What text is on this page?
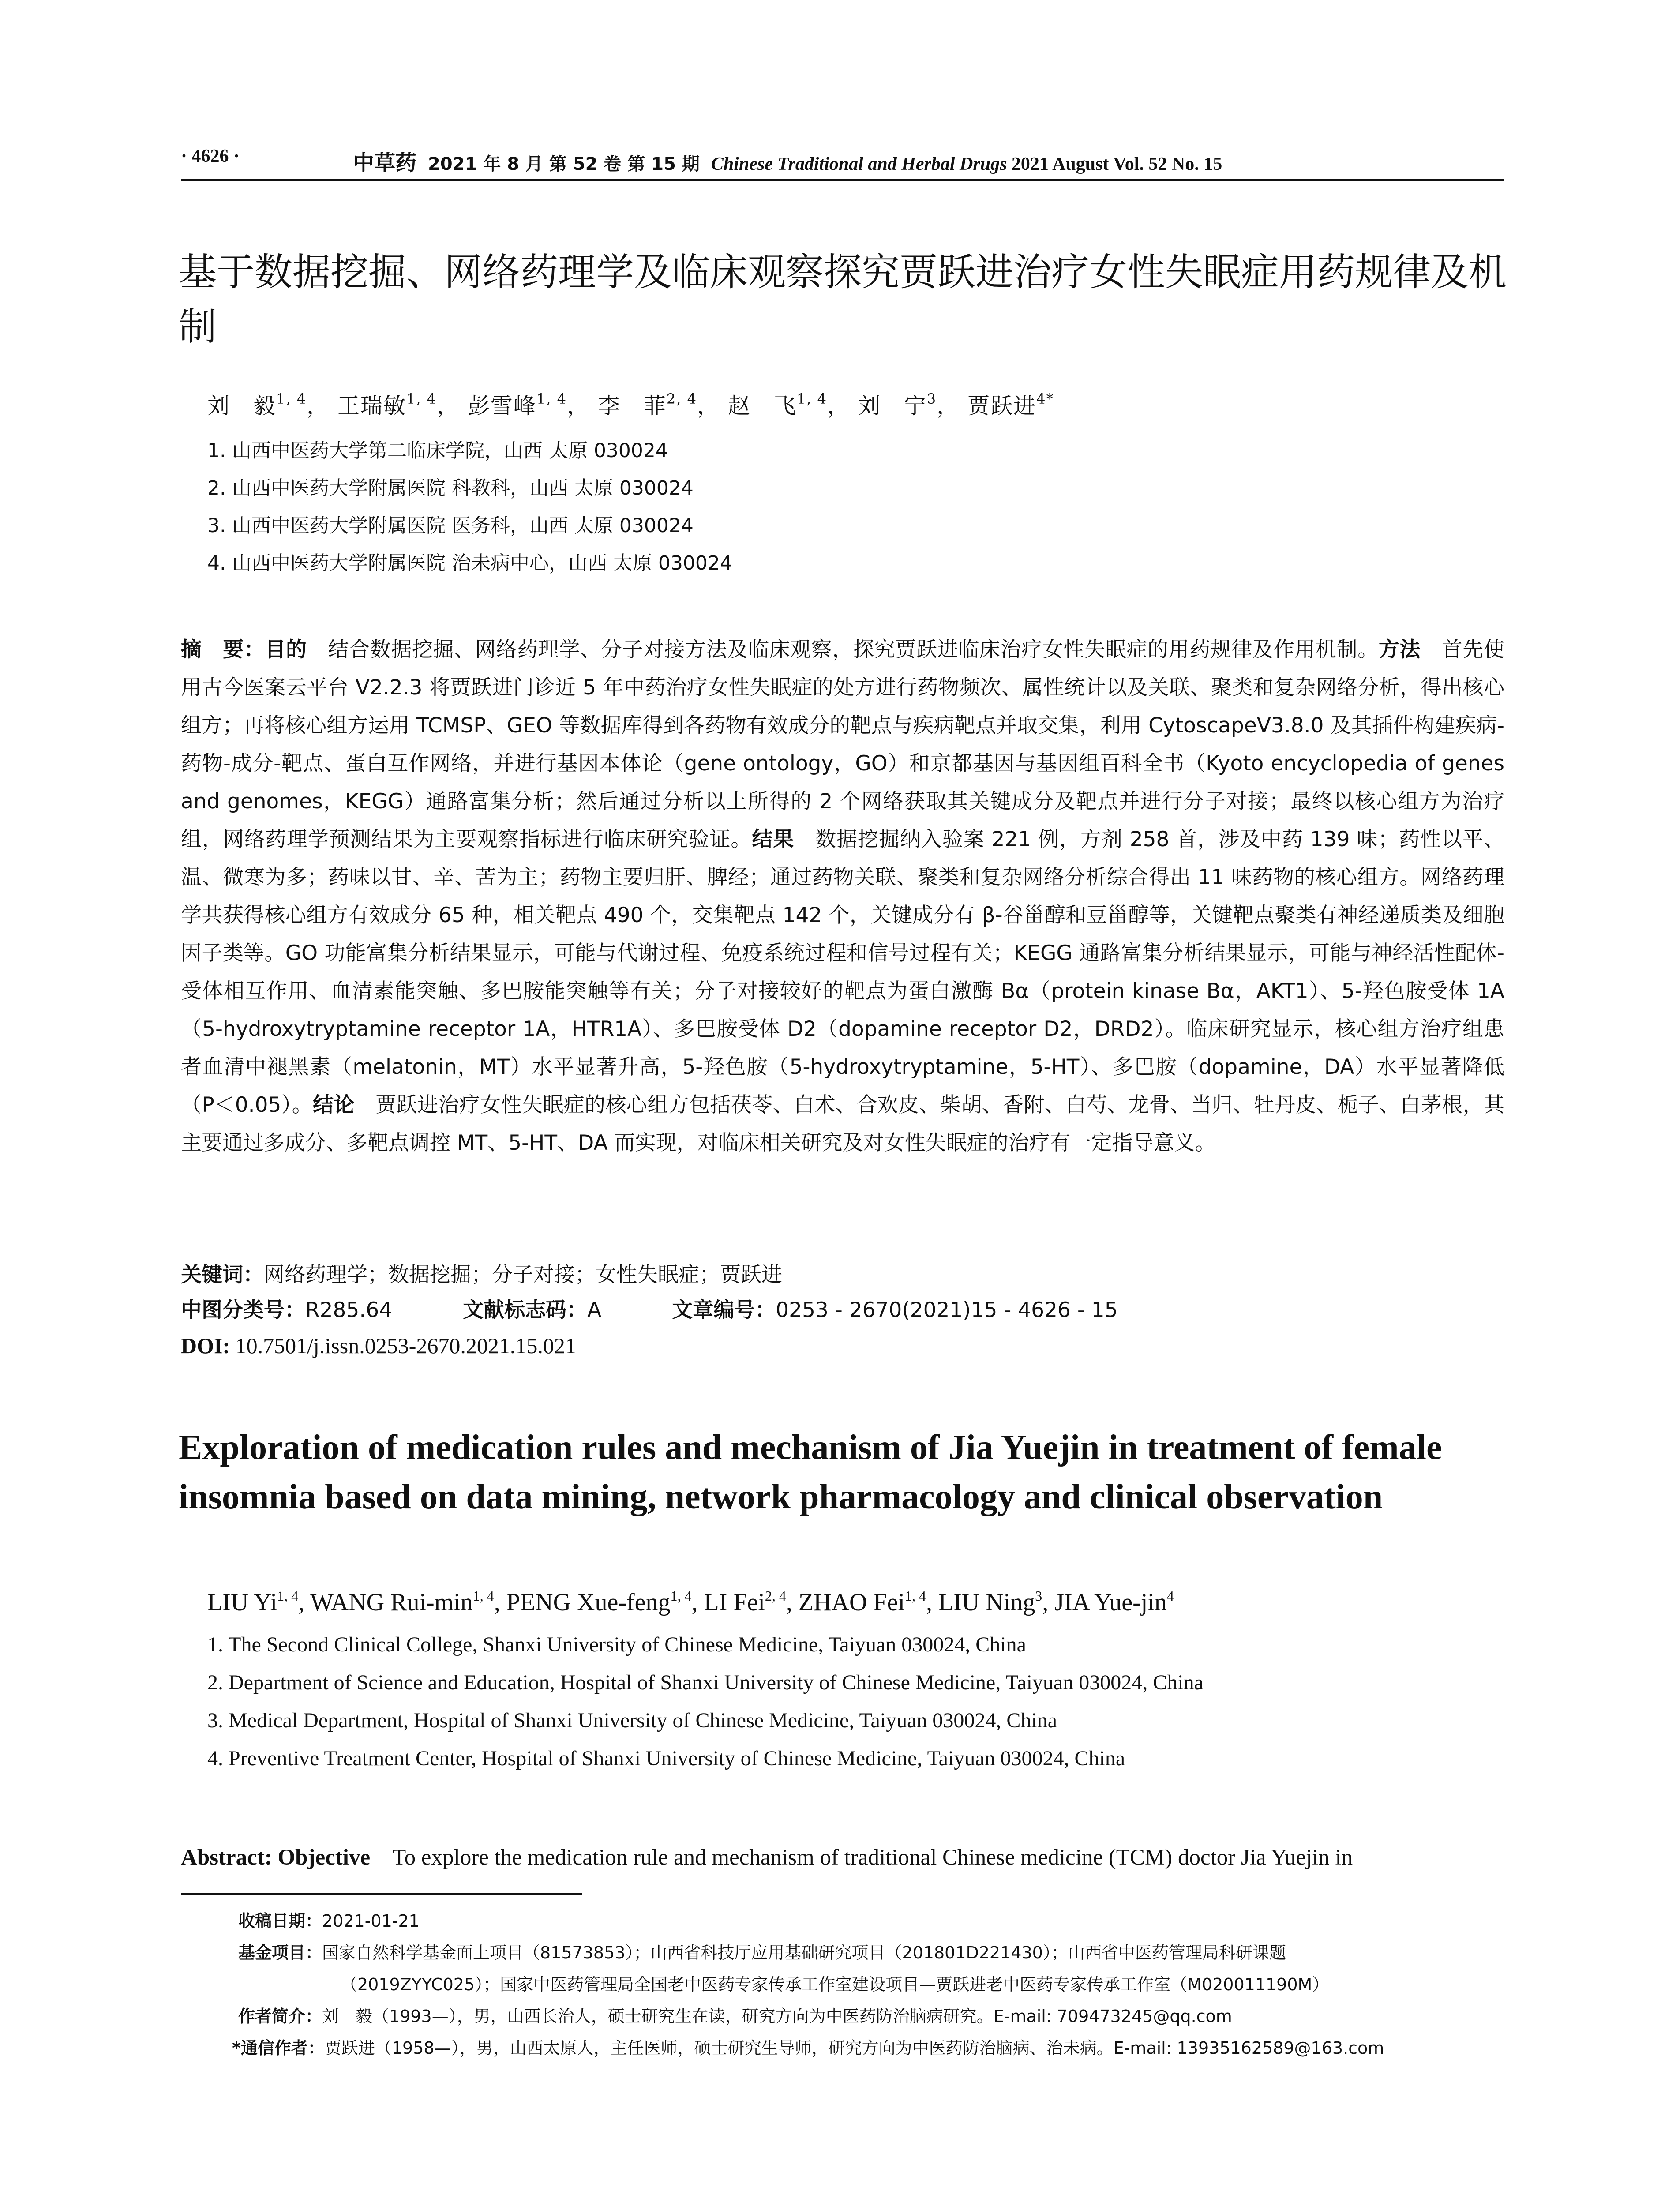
· 4626 ·	中草药 2021 年 8 月 第 52 卷 第 15 期 Chinese Traditional and Herbal Drugs 2021 August Vol. 52 No. 15
基于数据挖掘、网络药理学及临床观察探究贾跃进治疗女性失眠症用药规律及机制
刘　毅$^{1, 4}$， 王瑞敏$^{1, 4}$， 彭雪峰$^{1, 4}$， 李　菲$^{2, 4}$， 赵　飞$^{1, 4}$， 刘　宁$^3$， 贾跃进$^{4*}$
1. 山西中医药大学第二临床学院，山西 太原 030024
2. 山西中医药大学附属医院 科教科，山西 太原 030024
3. 山西中医药大学附属医院 医务科，山西 太原 030024
4. 山西中医药大学附属医院 治未病中心，山西 太原 030024
摘　要：目的　 结合数据挖掘、网络药理学、分子对接方法及临床观察，探究贾跃进临床治疗女性失眠症的用药规律及作用机制。方法　 首先使用古今医案云平台 V2.2.3 将贾跃进门诊近 5 年中药治疗女性失眠症的处方进行药物频次、属性统计以及关联、聚类和复杂网络分析，得出核心组方；再将核心组方运用 TCMSP、GEO 等数据库得到各药物有效成分的靶点与疾病靶点并取交集，利用 CytoscapeV3.8.0 及其插件构建疾病-药物-成分-靶点、蛋白互作网络，并进行基因本体论（gene ontology，GO）和京都基因与基因组百科全书（Kyoto encyclopedia of genes and genomes，KEGG）通路富集分析；然后通过分析以上所得的 2 个网络获取其关键成分及靶点并进行分子对接；最终以核心组方为治疗组，网络药理学预测结果为主要观察指标进行临床研究验证。结果　 数据挖掘纳入验案 221 例，方剂 258 首，涉及中药 139 味；药性以平、温、微寒为多；药味以甘、辛、苦为主；药物主要归肝、脾经；通过药物关联、聚类和复杂网络分析综合得出 11 味药物的核心组方。网络药理学共获得核心组方有效成分 65 种，相关靶点 490 个，交集靶点 142 个，关键成分有 β-谷甾醇和豆甾醇等，关键靶点聚类有神经递质类及细胞因子类等。GO 功能富集分析结果显示，可能与代谢过程、免疫系统过程和信号过程有关；KEGG 通路富集分析结果显示，可能与神经活性配体-受体相互作用、血清素能突触、多巴胺能突触等有关；分子对接较好的靶点为蛋白激酶 Bα（protein kinase Bα，AKT1）、5-羟色胺受体 1A（5-hydroxytryptamine receptor 1A，HTR1A）、多巴胺受体 D2（dopamine receptor D2，DRD2）。临床研究显示，核心组方治疗组患者血清中褪黑素（melatonin，MT）水平显著升高，5-羟色胺（5-hydroxytryptamine，5-HT）、多巴胺（dopamine，DA）水平显著降低（P＜0.05）。结论　 贾跃进治疗女性失眠症的核心组方包括茯苓、白术、合欢皮、柴胡、香附、白芍、龙骨、当归、牡丹皮、栀子、白茅根，其主要通过多成分、多靶点调控 MT、5-HT、DA 而实现，对临床相关研究及对女性失眠症的治疗有一定指导意义。
关键词：网络药理学；数据挖掘；分子对接；女性失眠症；贾跃进
中图分类号：R285.64	文献标志码：A	文章编号：0253 - 2670(2021)15 - 4626 - 15
DOI: 10.7501/j.issn.0253-2670.2021.15.021
Exploration of medication rules and mechanism of Jia Yuejin in treatment of female insomnia based on data mining, network pharmacology and clinical observation
LIU Yi$^{1, 4}$, WANG Rui-$\min^{1, 4}$, PENG Xue-feng$^{1, 4}$, LI Fei$^{2, 4}$, ZHAO Fei$^{1, 4}$, LIU Ning$^3$, JIA Yue-jin$^4$
1. The Second Clinical College, Shanxi University of Chinese Medicine, Taiyuan 030024, China
2. Department of Science and Education, Hospital of Shanxi University of Chinese Medicine, Taiyuan 030024, China
3. Medical Department, Hospital of Shanxi University of Chinese Medicine, Taiyuan 030024, China
4. Preventive Treatment Center, Hospital of Shanxi University of Chinese Medicine, Taiyuan 030024, China
Abstract: Objective To explore the medication rule and mechanism of traditional Chinese medicine (TCM) doctor Jia Yuejin in
收稿日期：2021-01-21
基金项目：国家自然科学基金面上项目（81573853）；山西省科技厅应用基础研究项目（201801D221430）；山西省中医药管理局科研课题
（2019ZYYC025）；国家中医药管理局全国老中医药专家传承工作室建设项目—贾跃进老中医药专家传承工作室（M020011190M）
作者简介：刘　毅（1993—），男，山西长治人，硕士研究生在读，研究方向为中医药防治脑病研究。E-mail: 709473245@qq.com
*通信作者：贾跃进（1958—），男，山西太原人，主任医师，硕士研究生导师，研究方向为中医药防治脑病、治未病。E-mail: 13935162589@163.com
